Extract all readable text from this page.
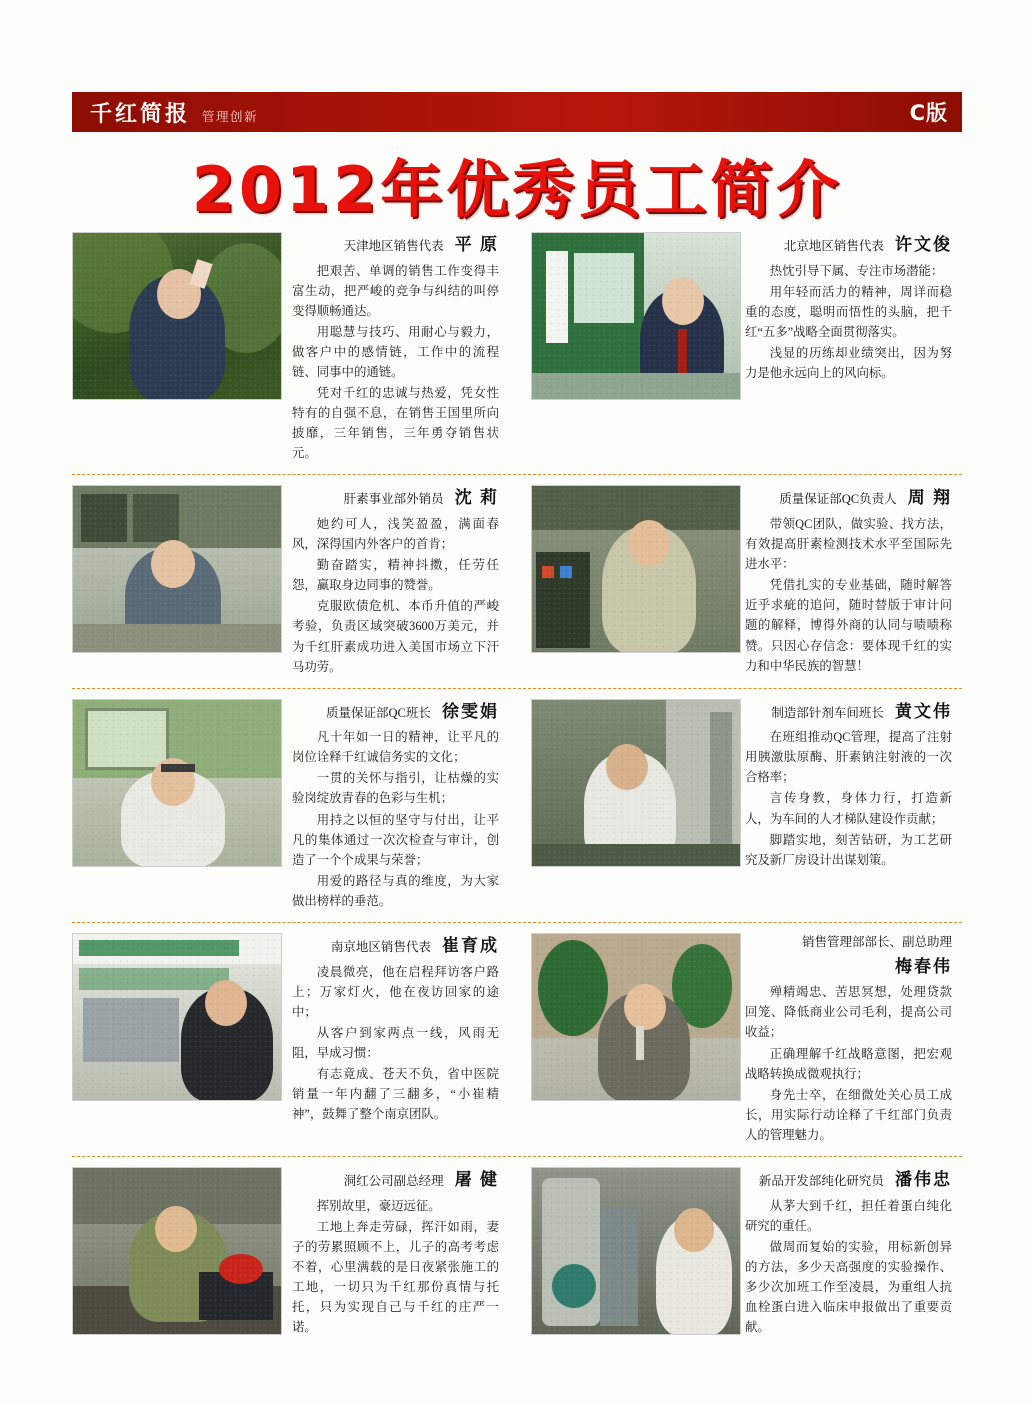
千红简报 管理创新	C版
2012年优秀员工简介
天津地区销售代表 平 原

把艰苦、单调的销售工作变得丰富生动，把严峻的竞争与纠结的叫停变得顺畅通达。

用聪慧与技巧、用耐心与毅力，做客户中的感情链，工作中的流程链、同事中的通链。

凭对千红的忠诚与热爱，凭女性特有的自强不息，在销售王国里所向披靡，三年销售，三年勇夺销售状元。

北京地区销售代表 许文俊

热忱引导下属、专注市场潜能：

用年轻而活力的精神，周详而稳重的态度，聪明而悟性的头脑，把千红“五多”战略全面贯彻落实。

浅显的历练却业绩突出，因为努力是他永远向上的风向标。

肝素事业部外销员 沈 莉

她约可人，浅笑盈盈，满面春风，深得国内外客户的首肯；

勤奋踏实，精神抖擞，任劳任怨，赢取身边同事的赞誉。

克服欧债危机、本币升值的严峻考验，负责区域突破3600万美元，并为千红肝素成功进入美国市场立下汗马功劳。

质量保证部QC负责人 周 翔

带领QC团队，做实验、找方法，有效提高肝素检测技术水平至国际先进水平：

凭借扎实的专业基础，随时解答近乎求疵的追问，随时替版于审计问题的解释，博得外商的认同与啧啧称赞。只因心存信念：要体现千红的实力和中华民族的智慧！

质量保证部QC班长 徐雯娟

凡十年如一日的精神，让平凡的岗位诠释千红诚信务实的文化；

一贯的关怀与指引，让枯燥的实验岗绽放青春的色彩与生机；

用持之以恒的坚守与付出，让平凡的集体通过一次次检查与审计，创造了一个个成果与荣誉；

用爱的路径与真的维度，为大家做出榜样的垂范。

制造部针剂车间班长 黄文伟

在班组推动QC管理，提高了注射用胰激肽原酶、肝素钠注射液的一次合格率；

言传身教，身体力行，打造新人，为车间的人才梯队建设作贡献；

脚踏实地，刻苦钻研，为工艺研究及新厂房设计出谋划策。

南京地区销售代表 崔育成

凌晨微亮，他在启程拜访客户路上；万家灯火，他在夜访回家的途中；

从客户到家两点一线，风雨无阻，早成习惯：

有志竟成、苍天不负，省中医院销量一年内翻了三翻多，“小崔精神”，鼓舞了整个南京团队。

销售管理部部长、副总助理
梅春伟

殚精竭忠、苦思冥想，处理贷款回笼、降低商业公司毛利，提高公司收益；

正确理解千红战略意图，把宏观战略转换成微观执行；

身先士卒，在细微处关心员工成长，用实际行动诠释了千红部门负责人的管理魅力。

洞红公司副总经理 屠 健

挥别故里，豪迈远征。

工地上奔走劳碌，挥汗如雨，妻子的劳累照顾不上，儿子的高考考虑不着，心里满载的是日夜紧张施工的工地，一切只为千红那份真情与托托，只为实现自己与千红的庄严一诺。

新品开发部纯化研究员 潘伟忠

从茅大到千红，担任着蛋白纯化研究的重任。

做周而复始的实验，用标新创异的方法，多少天高强度的实验操作、多少次加班工作至凌晨，为重组人抗血栓蛋白进入临床申报做出了重要贡献。
